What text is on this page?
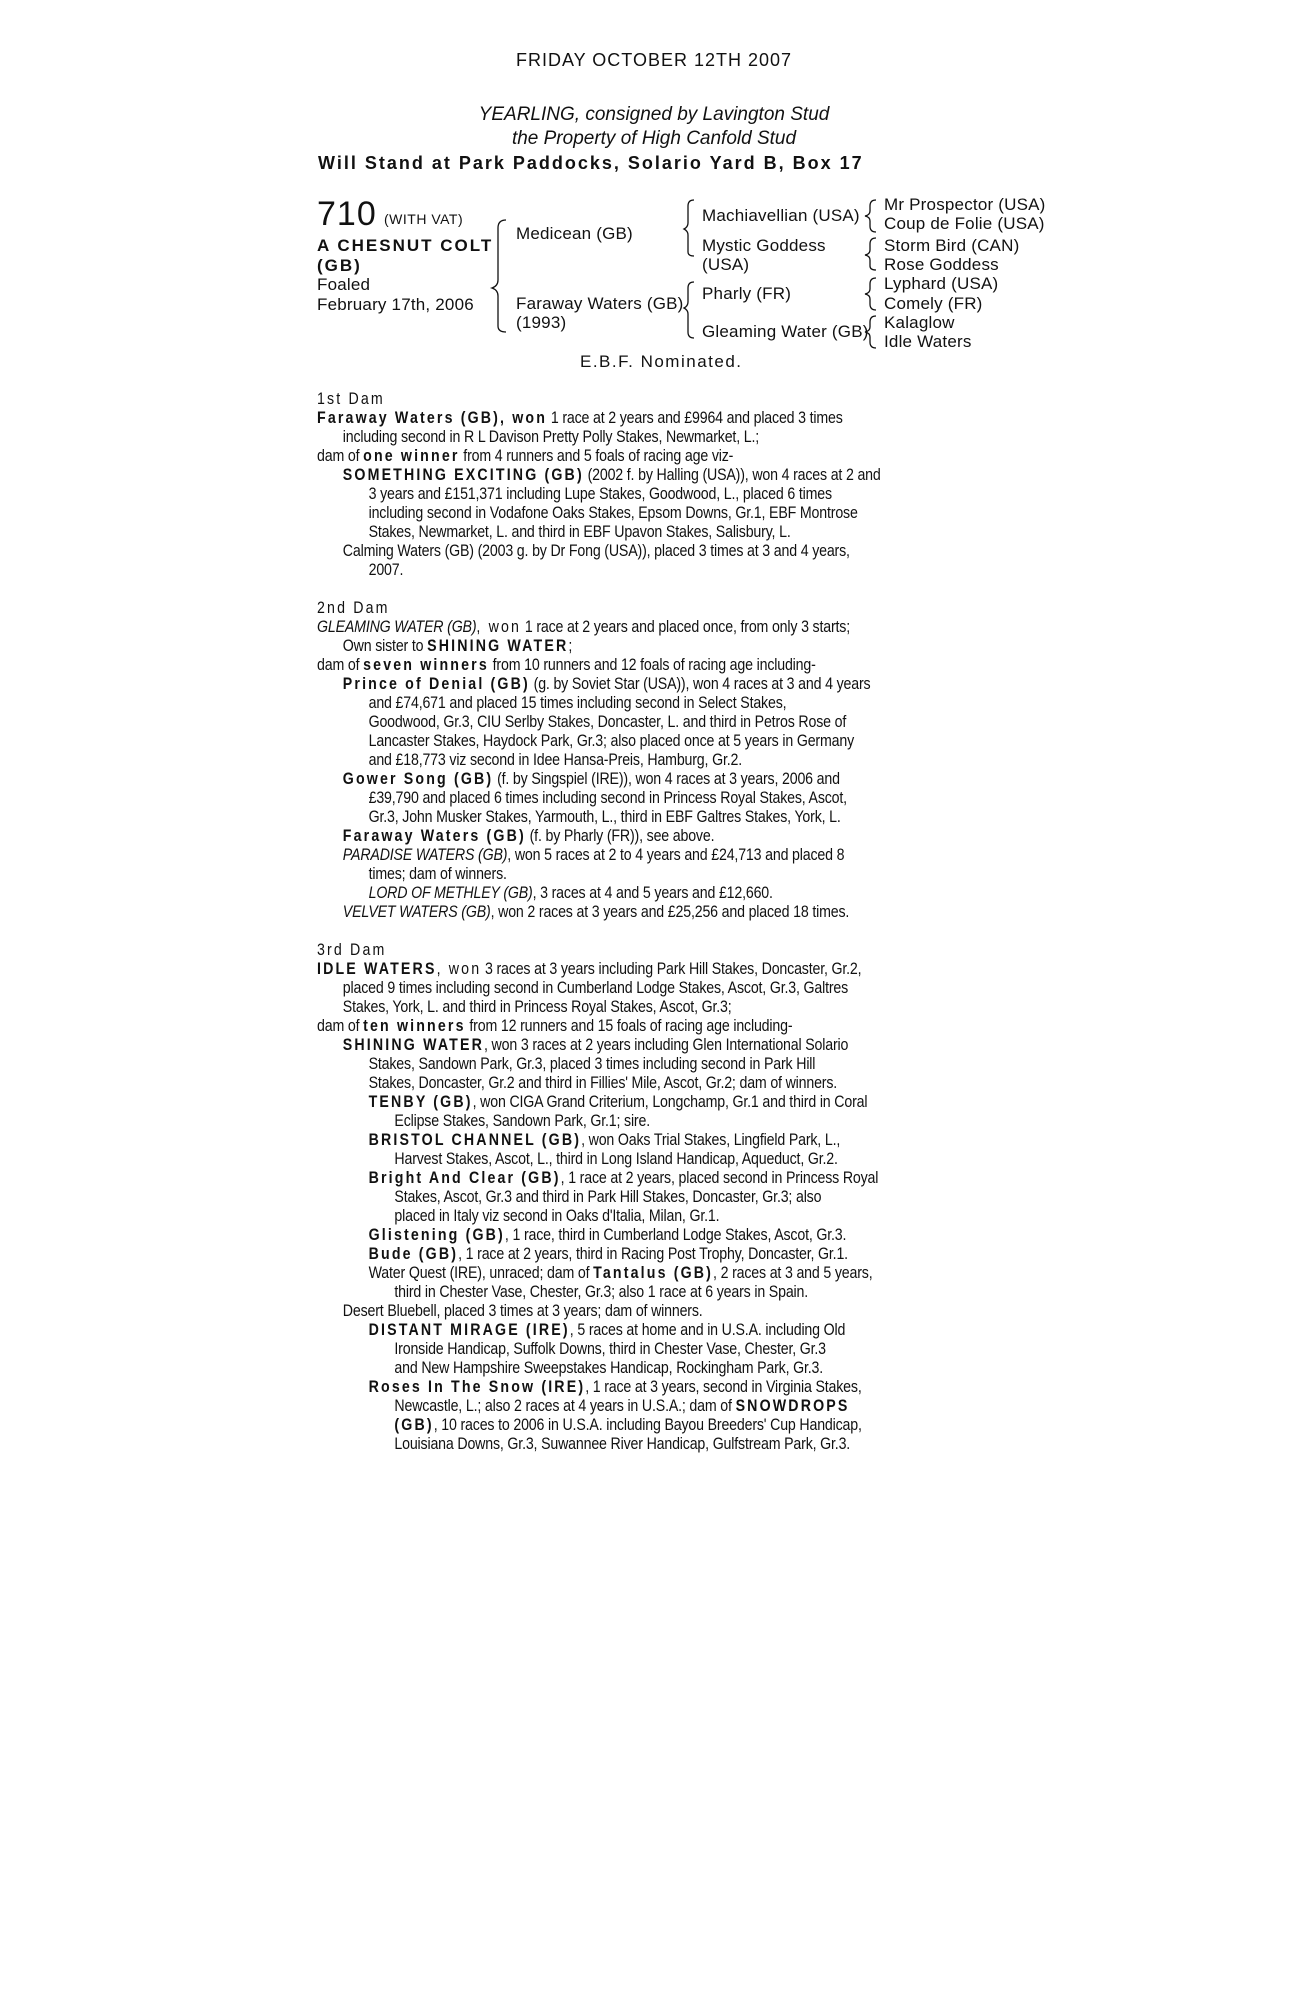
FRIDAY OCTOBER 12TH 2007
YEARLING, consigned by Lavington Stud
the Property of High Canfold Stud
Will Stand at Park Paddocks, Solario Yard B, Box 17
710 (WITH VAT)
A CHESNUT COLT
(GB)
Foaled
February 17th, 2006
Medicean (GB)
Faraway Waters (GB)
(1993)
Machiavellian (USA)
Mystic Goddess
(USA)
Pharly (FR)
Gleaming Water (GB)
Mr Prospector (USA)
Coup de Folie (USA)
Storm Bird (CAN)
Rose Goddess
Lyphard (USA)
Comely (FR)
Kalaglow
Idle Waters
E.B.F. Nominated.
1st Dam
Faraway Waters (GB), won 1 race at 2 years and £9964 and placed 3 times
including second in R L Davison Pretty Polly Stakes, Newmarket, L.;
dam of one winner from 4 runners and 5 foals of racing age viz-
SOMETHING EXCITING (GB) (2002 f. by Halling (USA)), won 4 races at 2 and
3 years and £151,371 including Lupe Stakes, Goodwood, L., placed 6 times
including second in Vodafone Oaks Stakes, Epsom Downs, Gr.1, EBF Montrose
Stakes, Newmarket, L. and third in EBF Upavon Stakes, Salisbury, L.
Calming Waters (GB) (2003 g. by Dr Fong (USA)), placed 3 times at 3 and 4 years,
2007.
2nd Dam
GLEAMING WATER (GB), won 1 race at 2 years and placed once, from only 3 starts;
Own sister to SHINING WATER;
dam of seven winners from 10 runners and 12 foals of racing age including-
Prince of Denial (GB) (g. by Soviet Star (USA)), won 4 races at 3 and 4 years
and £74,671 and placed 15 times including second in Select Stakes,
Goodwood, Gr.3, CIU Serlby Stakes, Doncaster, L. and third in Petros Rose of
Lancaster Stakes, Haydock Park, Gr.3; also placed once at 5 years in Germany
and £18,773 viz second in Idee Hansa-Preis, Hamburg, Gr.2.
Gower Song (GB) (f. by Singspiel (IRE)), won 4 races at 3 years, 2006 and
£39,790 and placed 6 times including second in Princess Royal Stakes, Ascot,
Gr.3, John Musker Stakes, Yarmouth, L., third in EBF Galtres Stakes, York, L.
Faraway Waters (GB) (f. by Pharly (FR)), see above.
PARADISE WATERS (GB), won 5 races at 2 to 4 years and £24,713 and placed 8
times; dam of winners.
LORD OF METHLEY (GB), 3 races at 4 and 5 years and £12,660.
VELVET WATERS (GB), won 2 races at 3 years and £25,256 and placed 18 times.
3rd Dam
IDLE WATERS, won 3 races at 3 years including Park Hill Stakes, Doncaster, Gr.2,
placed 9 times including second in Cumberland Lodge Stakes, Ascot, Gr.3, Galtres
Stakes, York, L. and third in Princess Royal Stakes, Ascot, Gr.3;
dam of ten winners from 12 runners and 15 foals of racing age including-
SHINING WATER, won 3 races at 2 years including Glen International Solario
Stakes, Sandown Park, Gr.3, placed 3 times including second in Park Hill
Stakes, Doncaster, Gr.2 and third in Fillies' Mile, Ascot, Gr.2; dam of winners.
TENBY (GB), won CIGA Grand Criterium, Longchamp, Gr.1 and third in Coral
Eclipse Stakes, Sandown Park, Gr.1; sire.
BRISTOL CHANNEL (GB), won Oaks Trial Stakes, Lingfield Park, L.,
Harvest Stakes, Ascot, L., third in Long Island Handicap, Aqueduct, Gr.2.
Bright And Clear (GB), 1 race at 2 years, placed second in Princess Royal
Stakes, Ascot, Gr.3 and third in Park Hill Stakes, Doncaster, Gr.3; also
placed in Italy viz second in Oaks d'Italia, Milan, Gr.1.
Glistening (GB), 1 race, third in Cumberland Lodge Stakes, Ascot, Gr.3.
Bude (GB), 1 race at 2 years, third in Racing Post Trophy, Doncaster, Gr.1.
Water Quest (IRE), unraced; dam of Tantalus (GB), 2 races at 3 and 5 years,
third in Chester Vase, Chester, Gr.3; also 1 race at 6 years in Spain.
Desert Bluebell, placed 3 times at 3 years; dam of winners.
DISTANT MIRAGE (IRE), 5 races at home and in U.S.A. including Old
Ironside Handicap, Suffolk Downs, third in Chester Vase, Chester, Gr.3
and New Hampshire Sweepstakes Handicap, Rockingham Park, Gr.3.
Roses In The Snow (IRE), 1 race at 3 years, second in Virginia Stakes,
Newcastle, L.; also 2 races at 4 years in U.S.A.; dam of SNOWDROPS
(GB), 10 races to 2006 in U.S.A. including Bayou Breeders' Cup Handicap,
Louisiana Downs, Gr.3, Suwannee River Handicap, Gulfstream Park, Gr.3.
